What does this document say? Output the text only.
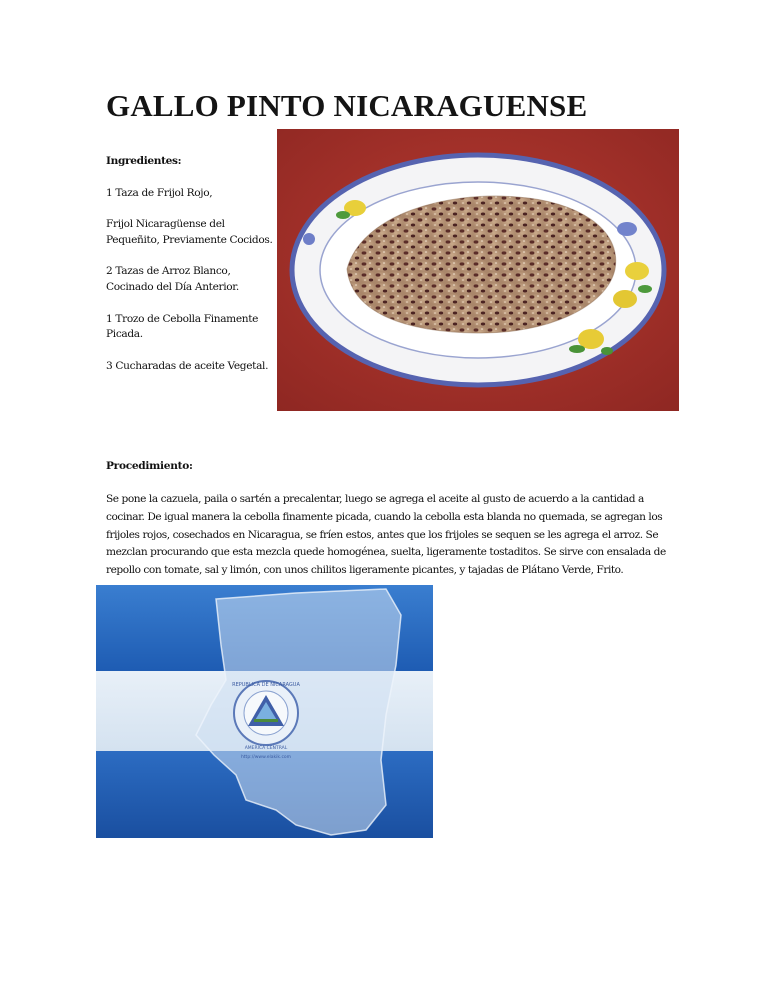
GALLO PINTO NICARAGUENSE
Ingredientes:

1 Taza de Frijol Rojo,

Frijol Nicaragüense del Pequeñito, Previamente Cocidos.

2 Tazas de Arroz Blanco, Cocinado del Día Anterior.

1 Trozo de Cebolla Finamente Picada.

3 Cucharadas de aceite Vegetal.

Procedimiento:

Se pone la cazuela, paila o sartén a precalentar, luego se agrega el aceite al gusto de acuerdo a la cantidad a cocinar. De igual manera la cebolla finamente picada, cuando la cebolla esta blanda no quemada, se agregan los frijoles rojos, cosechados en Nicaragua, se fríen estos, antes que los frijoles se sequen se les agrega el arroz. Se mezclan procurando que esta mezcla quede homogénea, suelta, ligeramente tostaditos. Se sirve con ensalada de repollo con tomate, sal y limón, con unos chilitos ligeramente picantes, y tajadas de Plátano Verde, Frito.

REPUBLICA DE NICARAGUA
AMERICA CENTRAL
http://www.elakik.com
